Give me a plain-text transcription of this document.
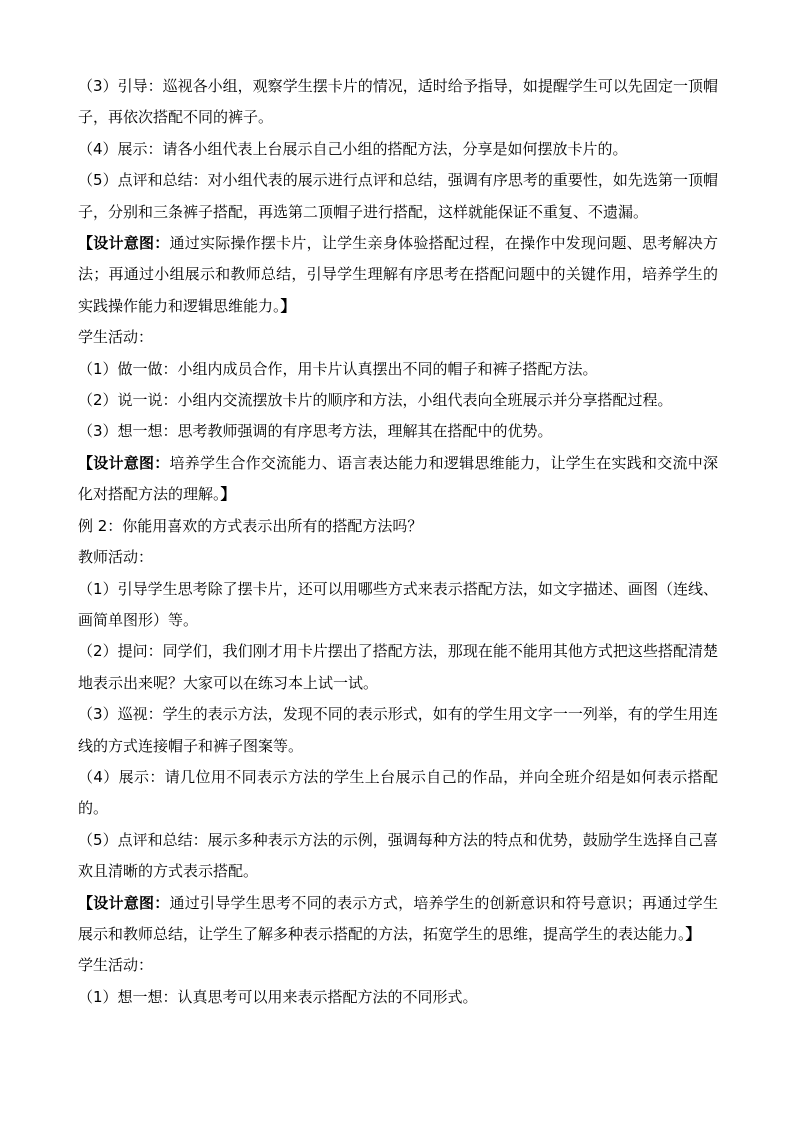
（3）引导：巡视各小组，观察学生摆卡片的情况，适时给予指导，如提醒学生可以先固定一顶帽子，再依次搭配不同的裤子。

（4）展示：请各小组代表上台展示自己小组的搭配方法，分享是如何摆放卡片的。

（5）点评和总结：对小组代表的展示进行点评和总结，强调有序思考的重要性，如先选第一顶帽子，分别和三条裤子搭配，再选第二顶帽子进行搭配，这样就能保证不重复、不遗漏。

【设计意图：通过实际操作摆卡片，让学生亲身体验搭配过程，在操作中发现问题、思考解决方法；再通过小组展示和教师总结，引导学生理解有序思考在搭配问题中的关键作用，培养学生的实践操作能力和逻辑思维能力。】

学生活动：

（1）做一做：小组内成员合作，用卡片认真摆出不同的帽子和裤子搭配方法。

（2）说一说：小组内交流摆放卡片的顺序和方法，小组代表向全班展示并分享搭配过程。

（3）想一想：思考教师强调的有序思考方法，理解其在搭配中的优势。

【设计意图：培养学生合作交流能力、语言表达能力和逻辑思维能力，让学生在实践和交流中深化对搭配方法的理解。】

例 2：你能用喜欢的方式表示出所有的搭配方法吗？

教师活动：

（1）引导学生思考除了摆卡片，还可以用哪些方式来表示搭配方法，如文字描述、画图（连线、画简单图形）等。

（2）提问：同学们，我们刚才用卡片摆出了搭配方法，那现在能不能用其他方式把这些搭配清楚地表示出来呢？大家可以在练习本上试一试。

（3）巡视：学生的表示方法，发现不同的表示形式，如有的学生用文字一一列举，有的学生用连线的方式连接帽子和裤子图案等。

（4）展示：请几位用不同表示方法的学生上台展示自己的作品，并向全班介绍是如何表示搭配的。

（5）点评和总结：展示多种表示方法的示例，强调每种方法的特点和优势，鼓励学生选择自己喜欢且清晰的方式表示搭配。

【设计意图：通过引导学生思考不同的表示方式，培养学生的创新意识和符号意识；再通过学生展示和教师总结，让学生了解多种表示搭配的方法，拓宽学生的思维，提高学生的表达能力。】

学生活动：

（1）想一想：认真思考可以用来表示搭配方法的不同形式。
